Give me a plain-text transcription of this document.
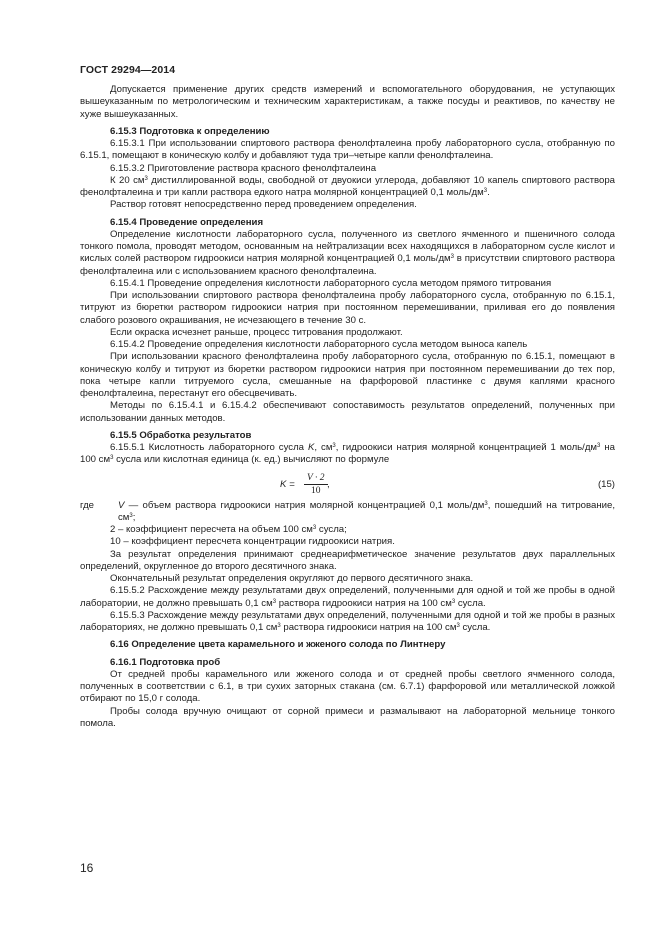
ГОСТ 29294—2014

Допускается применение других средств измерений и вспомогательного оборудования, не уступающих вышеуказанным по метрологическим и техническим характеристикам, а также посуды и реактивов, по качеству не хуже вышеуказанных.

6.15.3 Подготовка к определению

6.15.3.1 При использовании спиртового раствора фенолфталеина пробу лабораторного сусла, отобранную по 6.15.1, помещают в коническую колбу и добавляют туда три–четыре капли фенолфталеина.

6.15.3.2 Приготовление раствора красного фенолфталеина

К 20 $см^3$ дистиллированной воды, свободной от двуокиси углерода, добавляют 10 капель спиртового раствора фенолфталеина и три капли раствора едкого натра молярной концентрацией 0,1 моль/$дм^3$.

Раствор готовят непосредственно перед проведением определения.

6.15.4 Проведение определения

Определение кислотности лабораторного сусла, полученного из светлого ячменного и пшеничного солода тонкого помола, проводят методом, основанным на нейтрализации всех находящихся в лабораторном сусле кислот и кислых солей раствором гидроокиси натрия молярной концентрацией 0,1 моль/$дм^3$ в присутствии спиртового раствора фенолфталеина или с использованием красного фенолфталеина.

6.15.4.1 Проведение определения кислотности лабораторного сусла методом прямого титрования

При использовании спиртового раствора фенолфталеина пробу лабораторного сусла, отобранную по 6.15.1, титруют из бюретки раствором гидроокиси натрия при постоянном перемешивании, приливая его до появления слабого розового окрашивания, не исчезающего в течение 30 с.

Если окраска исчезнет раньше, процесс титрования продолжают.

6.15.4.2 Проведение определения кислотности лабораторного сусла методом выноса капель

При использовании красного фенолфталеина пробу лабораторного сусла, отобранную по 6.15.1, помещают в коническую колбу и титруют из бюретки раствором гидроокиси натрия при постоянном перемешивании до тех пор, пока четыре капли титруемого сусла, смешанные на фарфоровой пластинке с двумя каплями красного фенолфталеина, перестанут его обесцвечивать.

Методы по 6.15.4.1 и 6.15.4.2 обеспечивают сопоставимость результатов определений, полученных при использовании данных методов.

6.15.5 Обработка результатов

6.15.5.1 Кислотность лабораторного сусла K, $см^3$, гидроокиси натрия молярной концентрацией 1 моль/$дм^3$ на 100 $см^3$ сусла или кислотная единица (к. ед.) вычисляют по формуле

$K = \frac{V \cdot 2}{10}$ ,	(15)
где	V — объем раствора гидроокиси натрия молярной концентрацией 0,1 моль/$дм^3$, пошедший на титрование, $см^3$;

2 – коэффициент пересчета на объем 100 $см^3$ сусла;

10 – коэффициент пересчета концентрации гидроокиси натрия.

За результат определения принимают среднеарифметическое значение результатов двух параллельных определений, округленное до второго десятичного знака.

Окончательный результат определения округляют до первого десятичного знака.

6.15.5.2 Расхождение между результатами двух определений, полученными для одной и той же пробы в одной лаборатории, не должно превышать 0,1 $см^3$ раствора гидроокиси натрия на 100 $см^3$ сусла.

6.15.5.3 Расхождение между результатами двух определений, полученными для одной и той же пробы в разных лабораториях, не должно превышать 0,1 $см^3$ раствора гидроокиси натрия на 100 $см^3$ сусла.

6.16 Определение цвета карамельного и жженого солода по Линтнеру

6.16.1 Подготовка проб

От средней пробы карамельного или жженого солода и от средней пробы светлого ячменного солода, полученных в соответствии с 6.1, в три сухих заторных стакана (см. 6.7.1) фарфоровой или металлической ложкой отбирают по 15,0 г солода.

Пробы солода вручную очищают от сорной примеси и размалывают на лабораторной мельнице тонкого помола.

16
